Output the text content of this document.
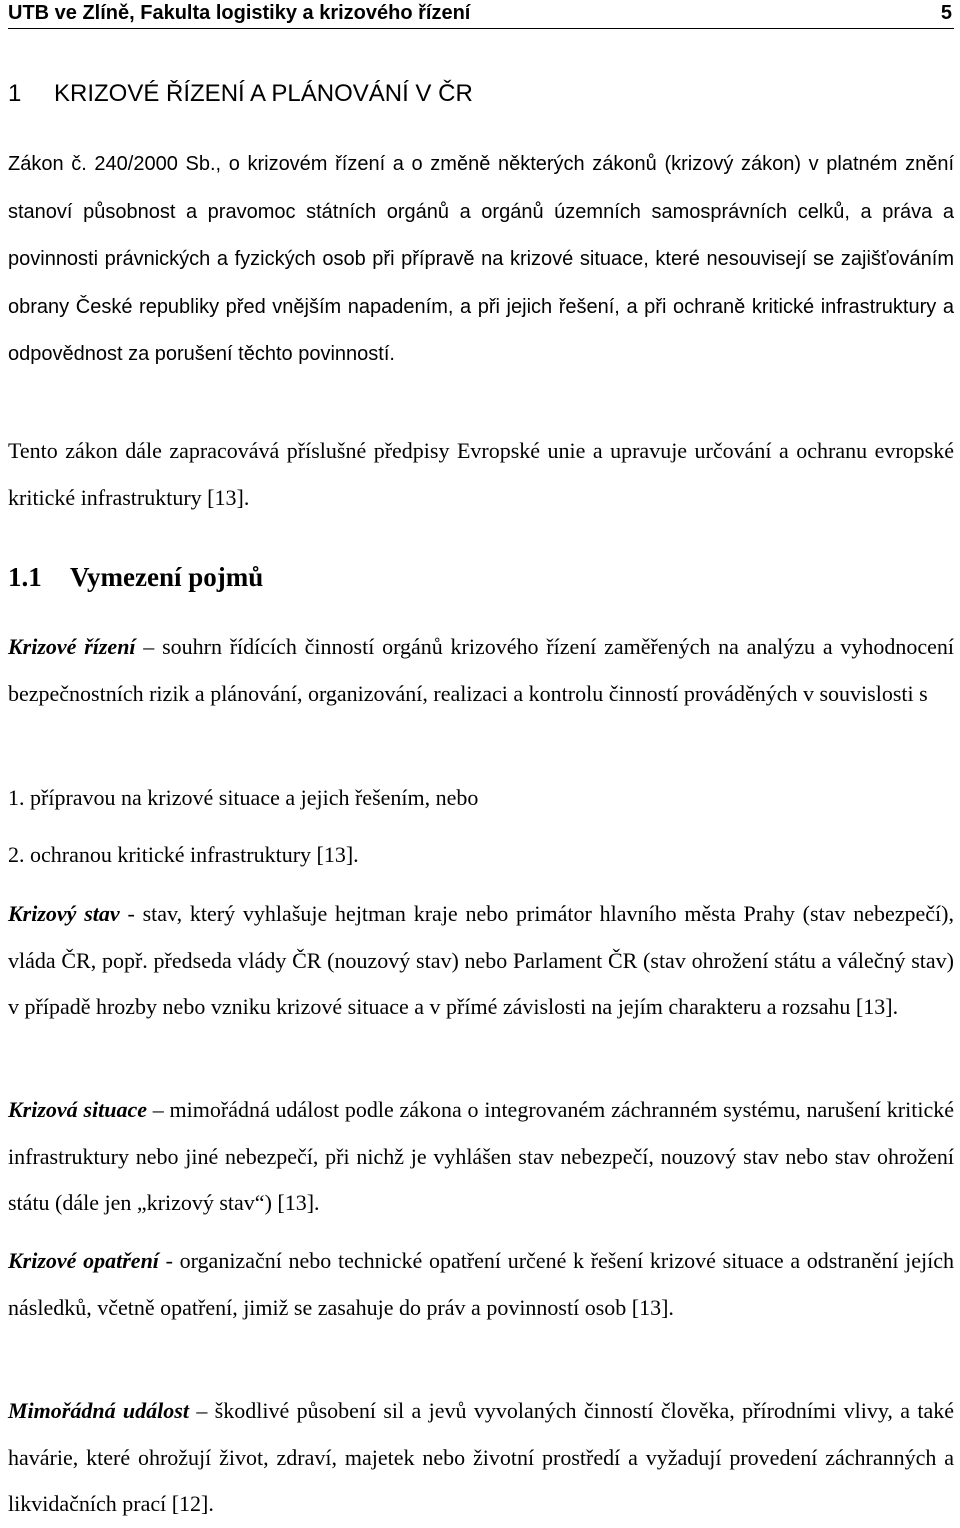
UTB ve Zlíně, Fakulta logistiky a krizového řízení	5
1 KRIZOVÉ ŘÍZENÍ A PLÁNOVÁNÍ V ČR
Zákon č. 240/2000 Sb., o krizovém řízení a o změně některých zákonů (krizový zákon) v platném znění stanoví působnost a pravomoc státních orgánů a orgánů územních samosprávních celků, a práva a povinnosti právnických a fyzických osob při přípravě na krizové situace, které nesouvisejí se zajišťováním obrany České republiky před vnějším napadením, a při jejich řešení, a při ochraně kritické infrastruktury a odpovědnost za porušení těchto povinností.
Tento zákon dále zapracovává příslušné předpisy Evropské unie a upravuje určování a ochranu evropské kritické infrastruktury [13].
1.1 Vymezení pojmů
Krizové řízení – souhrn řídících činností orgánů krizového řízení zaměřených na analýzu a vyhodnocení bezpečnostních rizik a plánování, organizování, realizaci a kontrolu činností prováděných v souvislosti s
1. přípravou na krizové situace a jejich řešením, nebo
2. ochranou kritické infrastruktury [13].
Krizový stav - stav, který vyhlašuje hejtman kraje nebo primátor hlavního města Prahy (stav nebezpečí), vláda ČR, popř. předseda vlády ČR (nouzový stav) nebo Parlament ČR (stav ohrožení státu a válečný stav) v případě hrozby nebo vzniku krizové situace a v přímé závislosti na jejím charakteru a rozsahu [13].
Krizová situace – mimořádná událost podle zákona o integrovaném záchranném systému, narušení kritické infrastruktury nebo jiné nebezpečí, při nichž je vyhlášen stav nebezpečí, nouzový stav nebo stav ohrožení státu (dále jen „krizový stav“) [13].
Krizové opatření - organizační nebo technické opatření určené k řešení krizové situace a odstranění jejích následků, včetně opatření, jimiž se zasahuje do práv a povinností osob [13].
Mimořádná událost – škodlivé působení sil a jevů vyvolaných činností člověka, přírodními vlivy, a také havárie, které ohrožují život, zdraví, majetek nebo životní prostředí a vyžadují provedení záchranných a likvidačních prací [12].
